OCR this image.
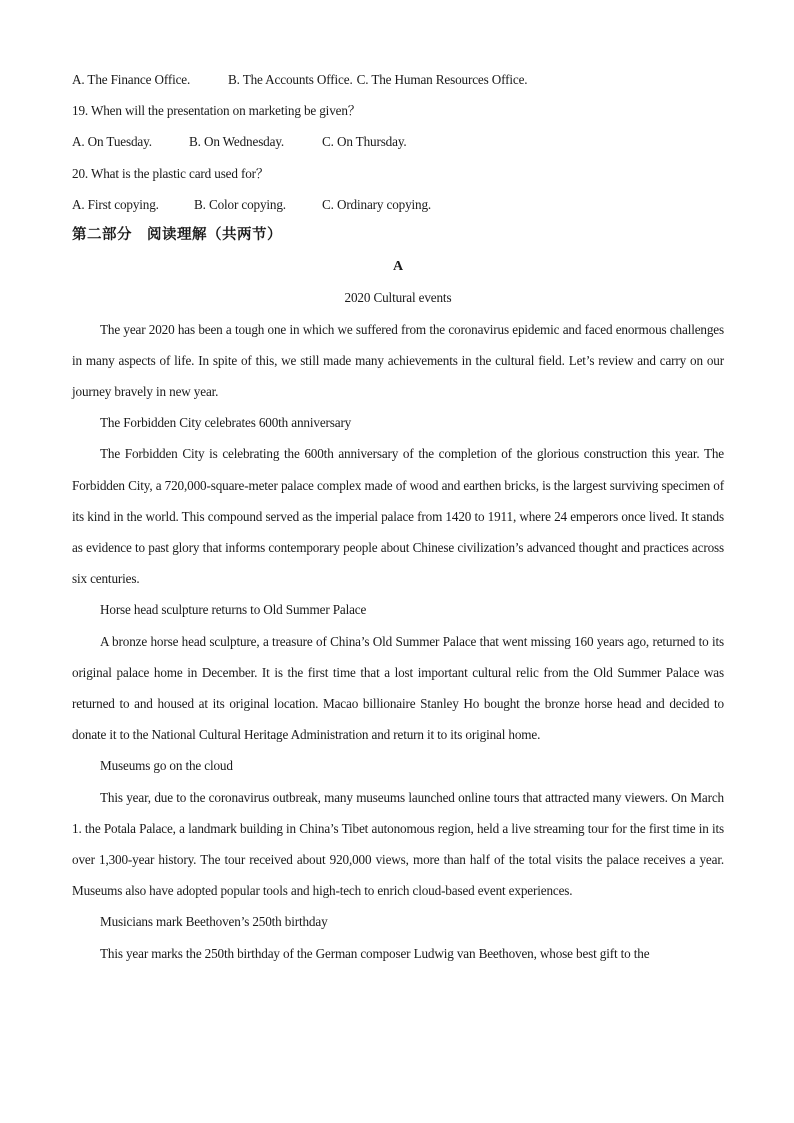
A. The Finance Office.	B. The Accounts Office. C. The Human Resources Office.
19. When will the presentation on marketing be given？
A. On Tuesday.	B. On Wednesday.	C. On Thursday.
20. What is the plastic card used for？
A. First copying.	B. Color copying.	C. Ordinary copying.
第二部分　阅读理解（共两节）
A
2020 Cultural events

The year 2020 has been a tough one in which we suffered from the coronavirus epidemic and faced enormous challenges in many aspects of life. In spite of this, we still made many achievements in the cultural field. Let’s review and carry on our journey bravely in new year.

The Forbidden City celebrates 600th anniversary

The Forbidden City is celebrating the 600th anniversary of the completion of the glorious construction this year. The Forbidden City, a 720,000-square-meter palace complex made of wood and earthen bricks, is the largest surviving specimen of its kind in the world. This compound served as the imperial palace from 1420 to 1911, where 24 emperors once lived. It stands as evidence to past glory that informs contemporary people about Chinese civilization’s advanced thought and practices across six centuries.

Horse head sculpture returns to Old Summer Palace

A bronze horse head sculpture, a treasure of China’s Old Summer Palace that went missing 160 years ago, returned to its original palace home in December. It is the first time that a lost important cultural relic from the Old Summer Palace was returned to and housed at its original location. Macao billionaire Stanley Ho bought the bronze horse head and decided to donate it to the National Cultural Heritage Administration and return it to its original home.

Museums go on the cloud

This year, due to the coronavirus outbreak, many museums launched online tours that attracted many viewers. On March 1. the Potala Palace, a landmark building in China’s Tibet autonomous region, held a live streaming tour for the first time in its over 1,300-year history. The tour received about 920,000 views, more than half of the total visits the palace receives a year. Museums also have adopted popular tools and high-tech to enrich cloud-based event experiences.

Musicians mark Beethoven’s 250th birthday

This year marks the 250th birthday of the German composer Ludwig van Beethoven, whose best gift to the
